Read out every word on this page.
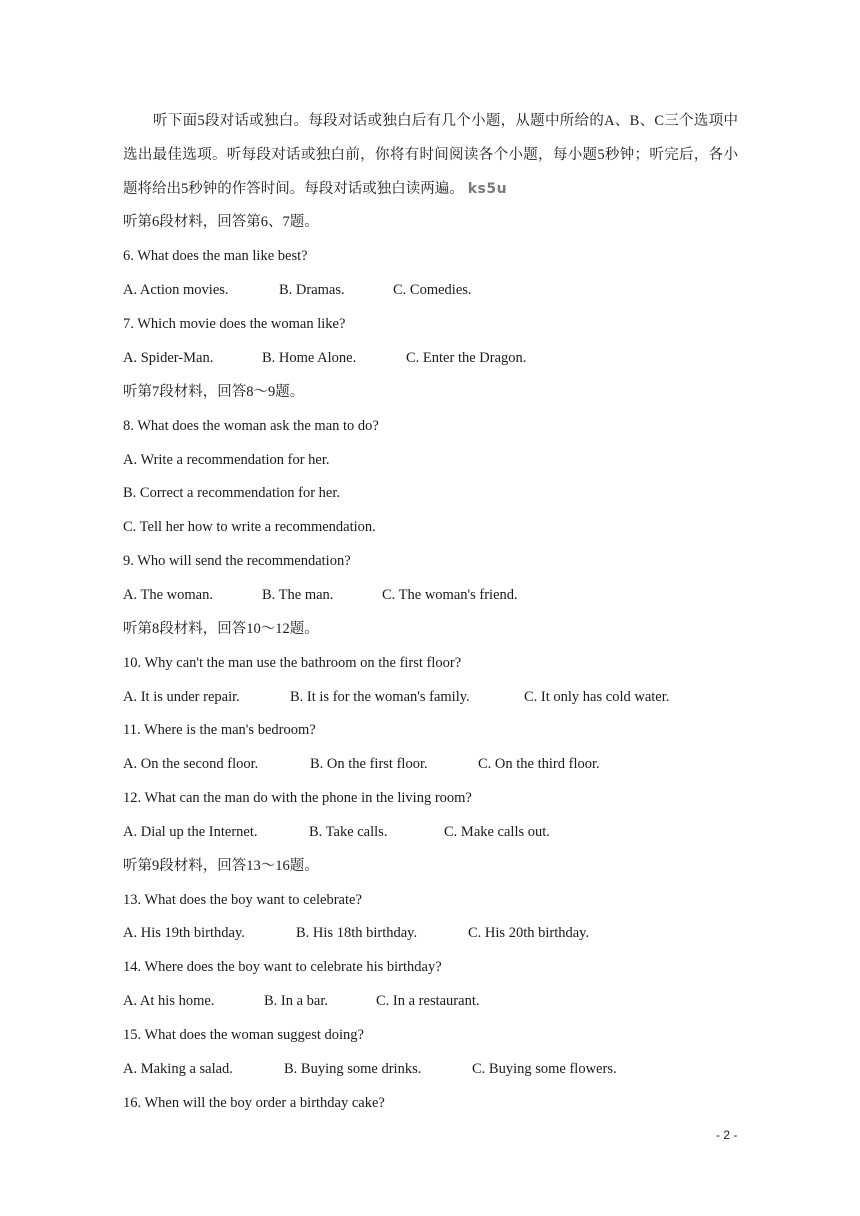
听下面5段对话或独白。每段对话或独白后有几个小题，从题中所给的A、B、C三个选项中选出最佳选项。听每段对话或独白前，你将有时间阅读各个小题，每小题5秒钟；听完后，各小题将给出5秒钟的作答时间。每段对话或独白读两遍。 ks5u
听第6段材料，回答第6、7题。
6. What does the man like best?
A. Action movies.	B. Dramas.	C. Comedies.
7. Which movie does the woman like?
A. Spider-Man.	B. Home Alone.	C. Enter the Dragon.
听第7段材料，回答8～9题。
8. What does the woman ask the man to do?
A. Write a recommendation for her.
B. Correct a recommendation for her.
C. Tell her how to write a recommendation.
9. Who will send the recommendation?
A. The woman.	B. The man.	C. The woman's friend.
听第8段材料，回答10～12题。
10. Why can't the man use the bathroom on the first floor?
A. It is under repair.	B. It is for the woman's family.	C. It only has cold water.
11. Where is the man's bedroom?
A. On the second floor.	B. On the first floor.	C. On the third floor.
12. What can the man do with the phone in the living room?
A. Dial up the Internet.	B. Take calls.	C. Make calls out.
听第9段材料，回答13～16题。
13. What does the boy want to celebrate?
A. His 19th birthday.	B. His 18th birthday.	C. His 20th birthday.
14. Where does the boy want to celebrate his birthday?
A. At his home.	B. In a bar.	C. In a restaurant.
15. What does the woman suggest doing?
A. Making a salad.	B. Buying some drinks.	C. Buying some flowers.
16. When will the boy order a birthday cake?
- 2 -
